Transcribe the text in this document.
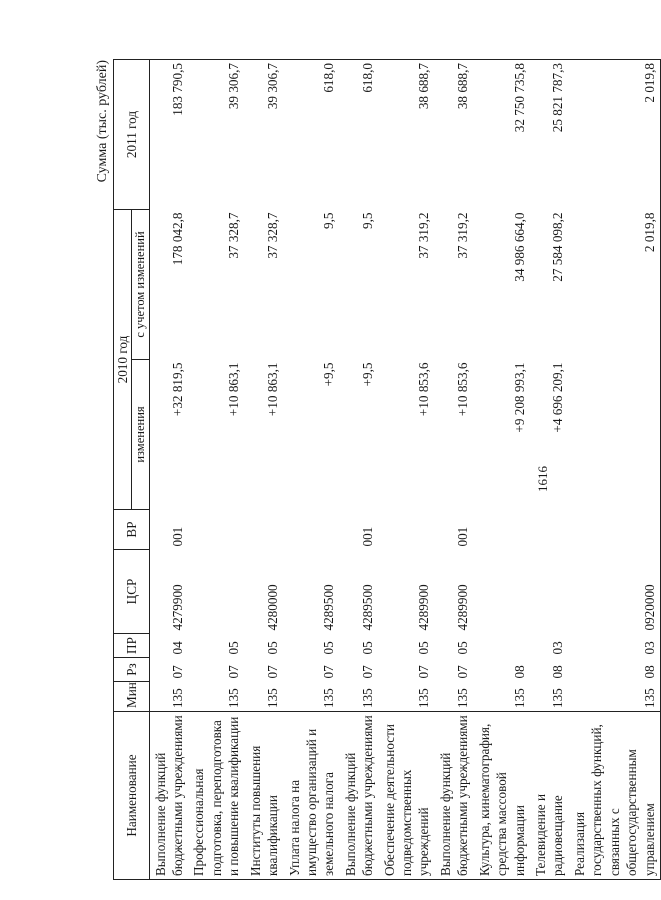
1616
Сумма (тыс. рублей)
Наименование	Мин	Рз	ПР	ЦСР	ВР	2010 год		2011 год
						изменения	с учетом изменений	
Выполнение функций бюджетными учреждениями	135	07	04	4279900	001	+32 819,5	178 042,8	183 790,5
Профессиональная подготовка, переподготовка и повышение квалификации	135	07	05			+10 863,1	37 328,7	39 306,7
Институты повышения квалификации	135	07	05	4280000		+10 863,1	37 328,7	39 306,7
Уплата налога на имущество организаций и земельного налога	135	07	05	4289500		+9,5	9,5	618,0
Выполнение функций бюджетными учреждениями	135	07	05	4289500	001	+9,5	9,5	618,0
Обеспечение деятельности подведомственных учреждений	135	07	05	4289900		+10 853,6	37 319,2	38 688,7
Выполнение функций бюджетными учреждениями	135	07	05	4289900	001	+10 853,6	37 319,2	38 688,7
Культура, кинематография, средства массовой информации	135	08				+9 208 993,1	34 986 664,0	32 750 735,8
Телевидение и радиовещание	135	08	03			+4 696 209,1	27 584 098,2	25 821 787,3
Реализация государственных функций, связанных с общегосударственным управлением	135	08	03	0920000			2 019,8	2 019,8
